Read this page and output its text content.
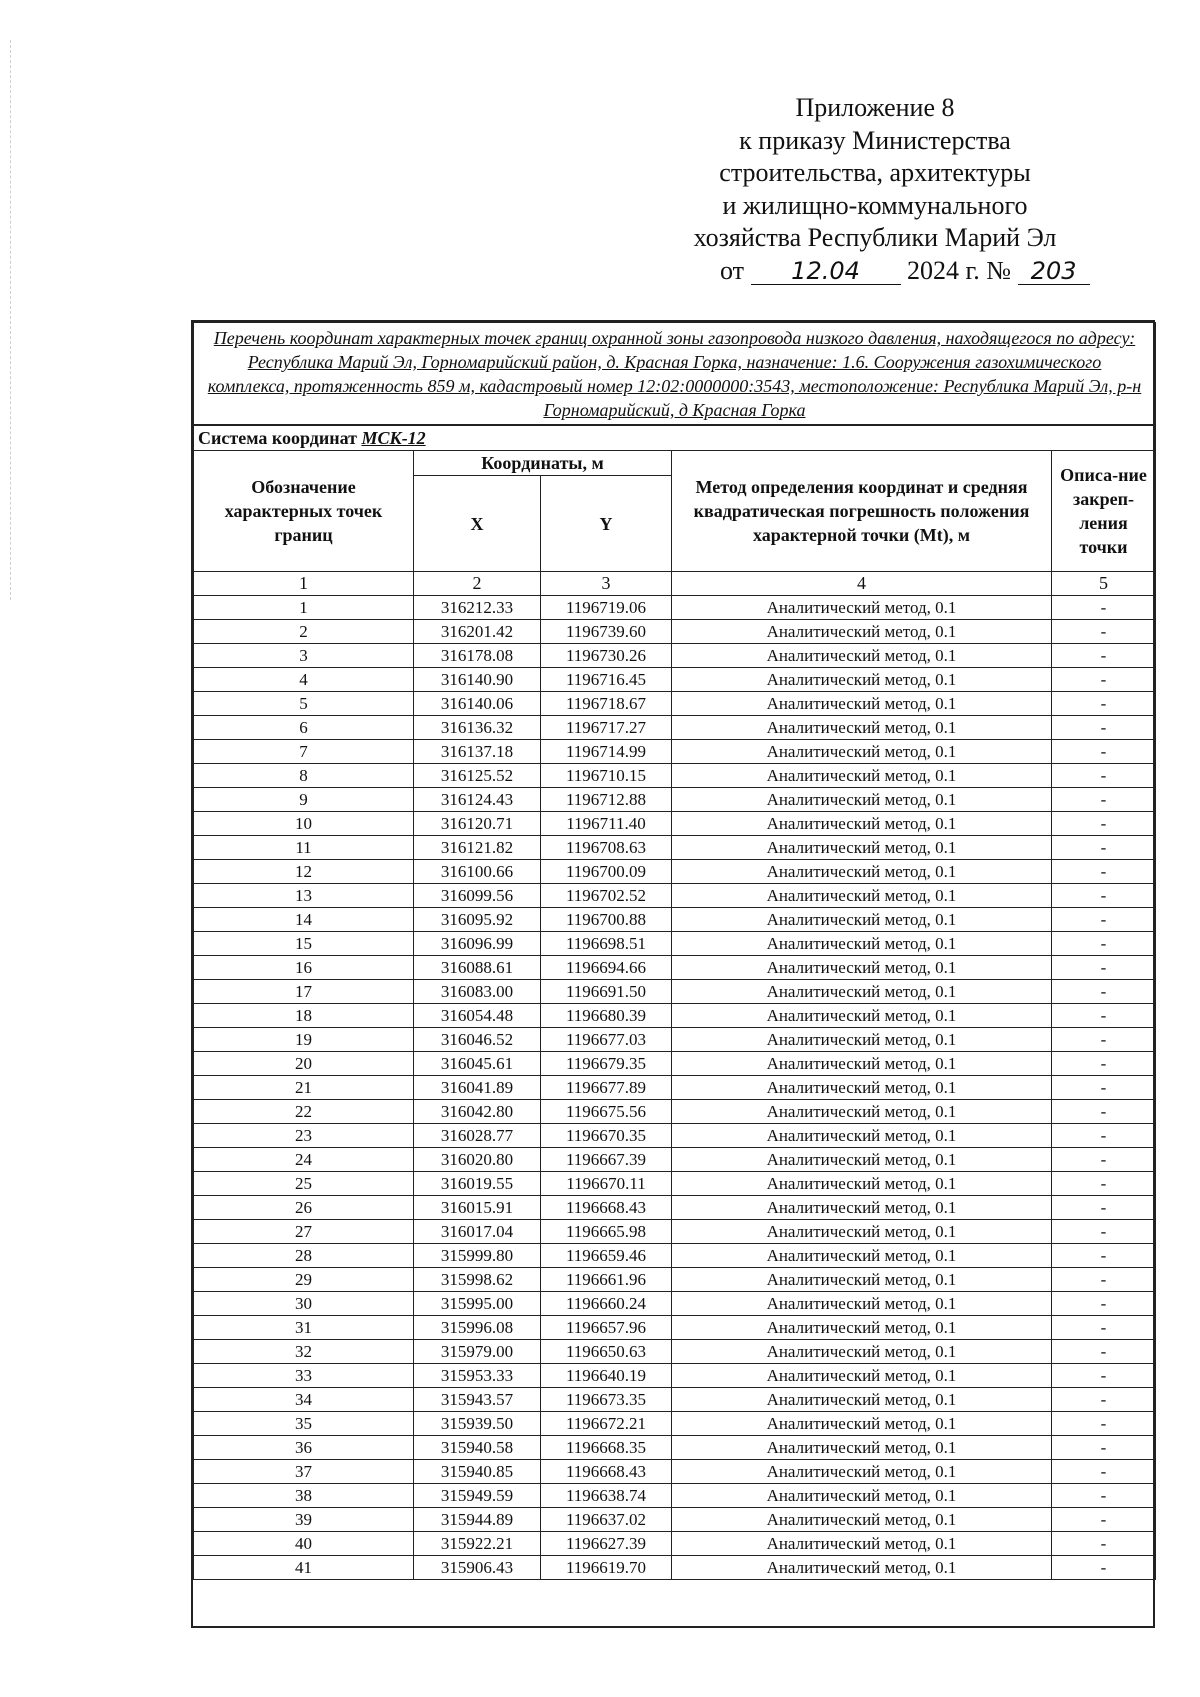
Приложение 8
к приказу Министерства
строительства, архитектуры
и жилищно-коммунального
хозяйства Республики Марий Эл
от 12.04 2024 г. № 203
Перечень координат характерных точек границ охранной зоны газопровода низкого давления, находящегося по адресу: Республика Марий Эл, Горномарийский район, д. Красная Горка, назначение: 1.6. Сооружения газохимического комплекса, протяженность 859 м, кадастровый номер 12:02:0000000:3543, местоположение: Республика Марий Эл, р-н Горномарийский, д Красная Горка				
Система координат МСК-12				
Обозначение характерных точек границ	Координаты, м		Метод определения координат и средняя квадратическая погрешность положения характерной точки (Mt), м	Описа-ние закреп-ления точки
	X	Y		
1	2	3	4	5
1	316212.33	1196719.06	Аналитический метод, 0.1	-
2	316201.42	1196739.60	Аналитический метод, 0.1	-
3	316178.08	1196730.26	Аналитический метод, 0.1	-
4	316140.90	1196716.45	Аналитический метод, 0.1	-
5	316140.06	1196718.67	Аналитический метод, 0.1	-
6	316136.32	1196717.27	Аналитический метод, 0.1	-
7	316137.18	1196714.99	Аналитический метод, 0.1	-
8	316125.52	1196710.15	Аналитический метод, 0.1	-
9	316124.43	1196712.88	Аналитический метод, 0.1	-
10	316120.71	1196711.40	Аналитический метод, 0.1	-
11	316121.82	1196708.63	Аналитический метод, 0.1	-
12	316100.66	1196700.09	Аналитический метод, 0.1	-
13	316099.56	1196702.52	Аналитический метод, 0.1	-
14	316095.92	1196700.88	Аналитический метод, 0.1	-
15	316096.99	1196698.51	Аналитический метод, 0.1	-
16	316088.61	1196694.66	Аналитический метод, 0.1	-
17	316083.00	1196691.50	Аналитический метод, 0.1	-
18	316054.48	1196680.39	Аналитический метод, 0.1	-
19	316046.52	1196677.03	Аналитический метод, 0.1	-
20	316045.61	1196679.35	Аналитический метод, 0.1	-
21	316041.89	1196677.89	Аналитический метод, 0.1	-
22	316042.80	1196675.56	Аналитический метод, 0.1	-
23	316028.77	1196670.35	Аналитический метод, 0.1	-
24	316020.80	1196667.39	Аналитический метод, 0.1	-
25	316019.55	1196670.11	Аналитический метод, 0.1	-
26	316015.91	1196668.43	Аналитический метод, 0.1	-
27	316017.04	1196665.98	Аналитический метод, 0.1	-
28	315999.80	1196659.46	Аналитический метод, 0.1	-
29	315998.62	1196661.96	Аналитический метод, 0.1	-
30	315995.00	1196660.24	Аналитический метод, 0.1	-
31	315996.08	1196657.96	Аналитический метод, 0.1	-
32	315979.00	1196650.63	Аналитический метод, 0.1	-
33	315953.33	1196640.19	Аналитический метод, 0.1	-
34	315943.57	1196673.35	Аналитический метод, 0.1	-
35	315939.50	1196672.21	Аналитический метод, 0.1	-
36	315940.58	1196668.35	Аналитический метод, 0.1	-
37	315940.85	1196668.43	Аналитический метод, 0.1	-
38	315949.59	1196638.74	Аналитический метод, 0.1	-
39	315944.89	1196637.02	Аналитический метод, 0.1	-
40	315922.21	1196627.39	Аналитический метод, 0.1	-
41	315906.43	1196619.70	Аналитический метод, 0.1	-
